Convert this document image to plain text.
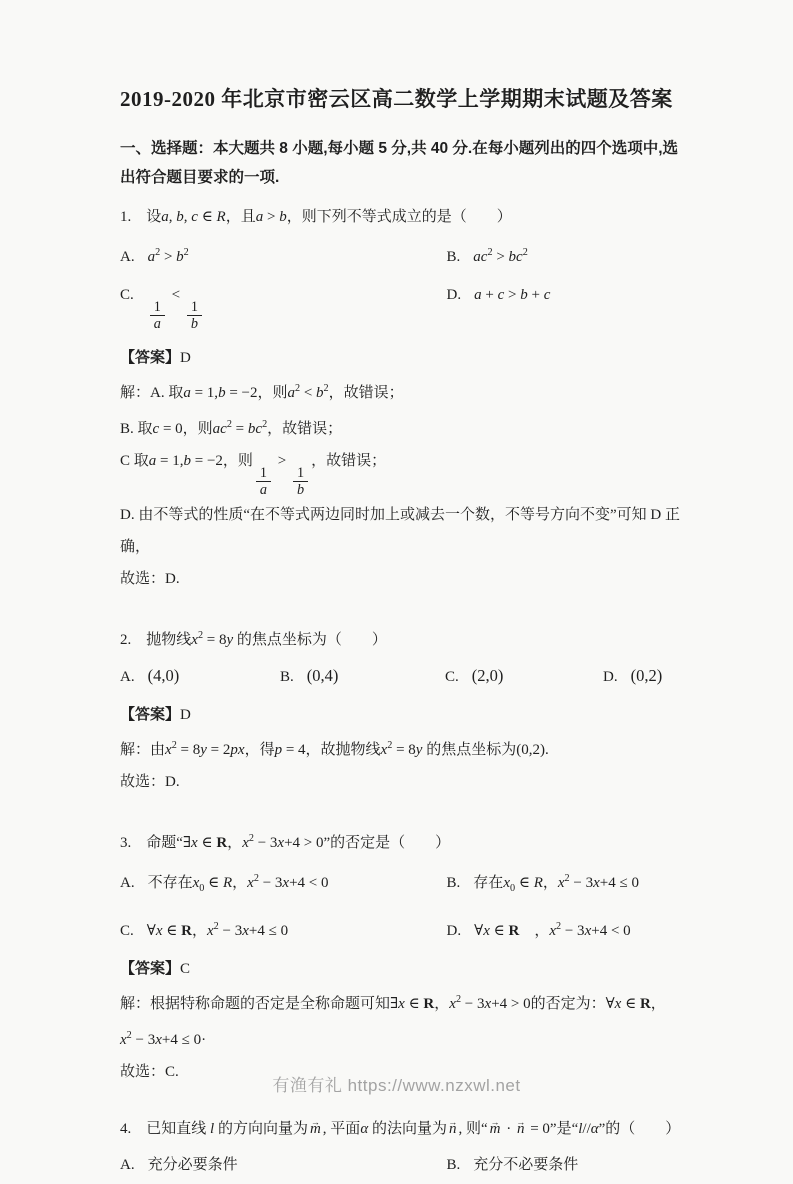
2019-2020 年北京市密云区高二数学上学期期末试题及答案
一、选择题：本大题共 8 小题,每小题 5 分,共 40 分.在每小题列出的四个选项中,选出符合题目要求的一项.
1.　设a, b, c ∈ R，且a > b，则下列不等式成立的是（　　）
A. $a^2 > b^2$	B. $ac^2 > bc^2$
C.
$\frac{1}{a}$
<
$\frac{1}{b}$
D. a + c > b + c
【答案】D
解：A. 取a = 1,b = −2，则$a^2 < b^2$，故错误；
B. 取c = 0，则$ac^2 = bc^2$，故错误；
C 取a = 1,b = −2，则
$\frac{1}{a}$
>
$\frac{1}{b}$
，故错误；
D. 由不等式的性质“在不等式两边同时加上或减去一个数，不等号方向不变”可知 D 正确，
故选：D.
2.　抛物线$x^2 = 8y$ 的焦点坐标为（　　）
A. (4,0)	B. (0,4)	C. (2,0)	D. (0,2)
【答案】D
解：由$x^2 = 8y = 2px$，得p = 4，故抛物线$x^2 = 8y$ 的焦点坐标为(0,2).
故选：D.
3.　命题“∃x ∈ R，$x^2 - 3x+4 > 0$”的否定是（　　）
A. 不存在$x_0$ ∈ R，$x^2 - 3x+4 < 0$	B. 存在$x_0$ ∈ R，$x^2 - 3x+4 \le 0$
C. ∀x ∈ R，$x^2 - 3x+4 \le 0$	D. ∀x ∈ R　，$x^2 - 3x+4 < 0$
【答案】C
解：根据特称命题的否定是全称命题可知∃x ∈ R，$x^2 - 3x+4 > 0$的否定为：∀x ∈ R，
$x^2 - 3x+4 \le 0\cdot$
故选：C.
4.　已知直线 l 的方向向量为 → m , 平面α 的法向量为 → n , 则“ → m · → n = 0”是“l//α”的（　　）
A. 充分必要条件	B. 充分不必要条件
有渔有礼 https://www.nzxwl.net
